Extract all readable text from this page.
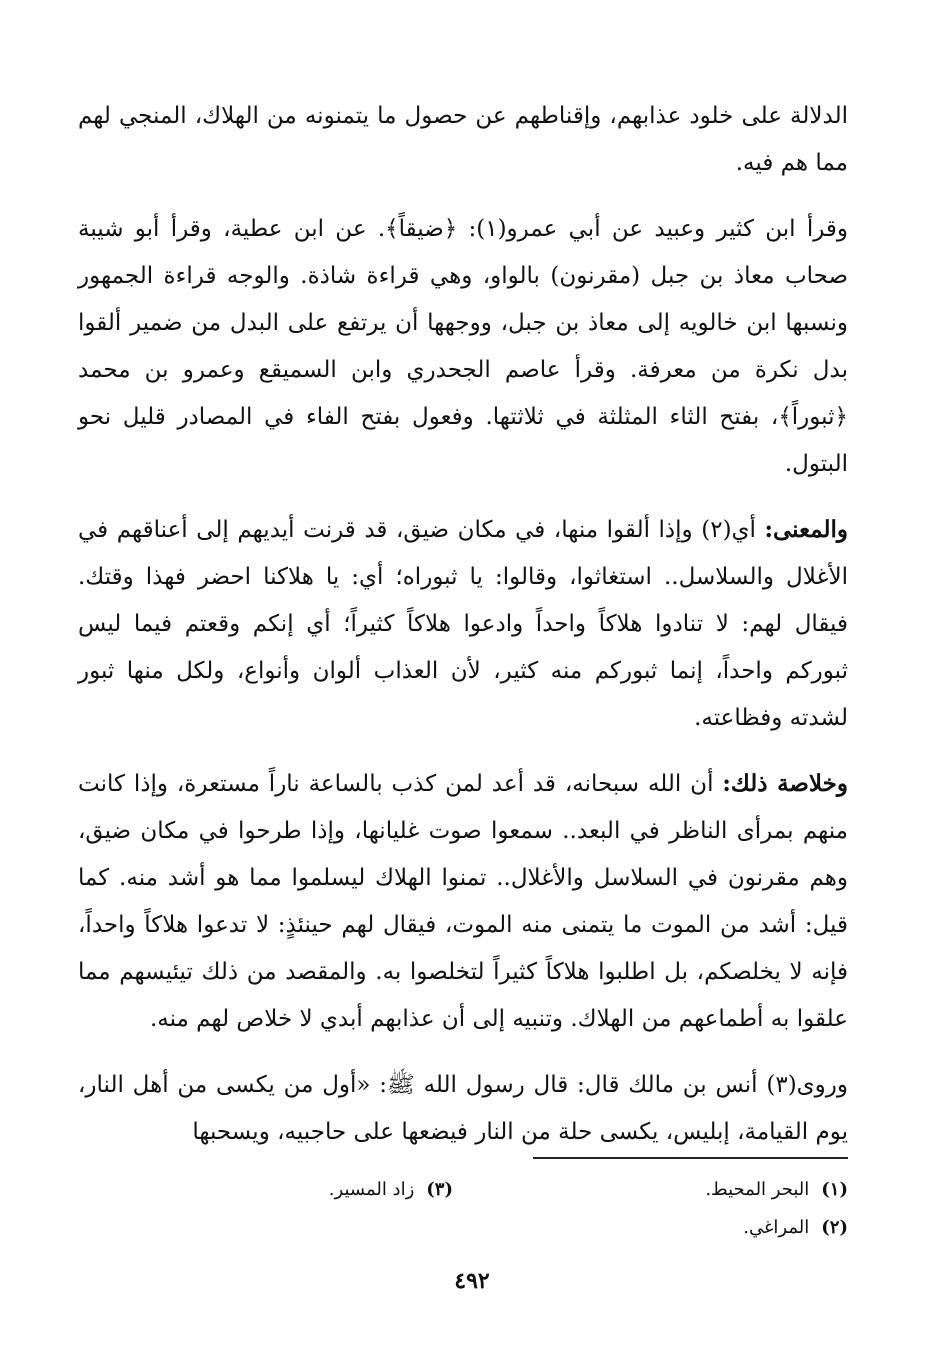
الدلالة على خلود عذابهم، وإقناطهم عن حصول ما يتمنونه من الهلاك، المنجي لهم مما هم فيه.

وقرأ ابن كثير وعبيد عن أبي عمرو(١): ﴿ضيقاً﴾. عن ابن عطية، وقرأ أبو شيبة صحاب معاذ بن جبل (مقرنون) بالواو، وهي قراءة شاذة. والوجه قراءة الجمهور ونسبها ابن خالويه إلى معاذ بن جبل، ووجهها أن يرتفع على البدل من ضمير ألقوا بدل نكرة من معرفة. وقرأ عاصم الجحدري وابن السميقع وعمرو بن محمد ﴿ثبوراً﴾، بفتح الثاء المثلثة في ثلاثتها. وفعول بفتح الفاء في المصادر قليل نحو البتول.

والمعنى: أي(٢) وإذا ألقوا منها، في مكان ضيق، قد قرنت أيديهم إلى أعناقهم في الأغلال والسلاسل.. استغاثوا، وقالوا: يا ثبوراه؛ أي: يا هلاكنا احضر فهذا وقتك. فيقال لهم: لا تنادوا هلاكاً واحداً وادعوا هلاكاً كثيراً؛ أي إنكم وقعتم فيما ليس ثبوركم واحداً، إنما ثبوركم منه كثير، لأن العذاب ألوان وأنواع، ولكل منها ثبور لشدته وفظاعته.

وخلاصة ذلك: أن الله سبحانه، قد أعد لمن كذب بالساعة ناراً مستعرة، وإذا كانت منهم بمرأى الناظر في البعد.. سمعوا صوت غليانها، وإذا طرحوا في مكان ضيق، وهم مقرنون في السلاسل والأغلال.. تمنوا الهلاك ليسلموا مما هو أشد منه. كما قيل: أشد من الموت ما يتمنى منه الموت، فيقال لهم حينئذٍ: لا تدعوا هلاكاً واحداً، فإنه لا يخلصكم، بل اطلبوا هلاكاً كثيراً لتخلصوا به. والمقصد من ذلك تيئيسهم مما علقوا به أطماعهم من الهلاك. وتنبيه إلى أن عذابهم أبدي لا خلاص لهم منه.

وروى(٣) أنس بن مالك قال: قال رسول الله ﷺ: «أول من يكسى من أهل النار، يوم القيامة، إبليس، يكسى حلة من النار فيضعها على حاجبيه، ويسحبها

(١)البحر المحيط.
(٣)زاد المسير.
(٢)المراغي.
٤٩٢
